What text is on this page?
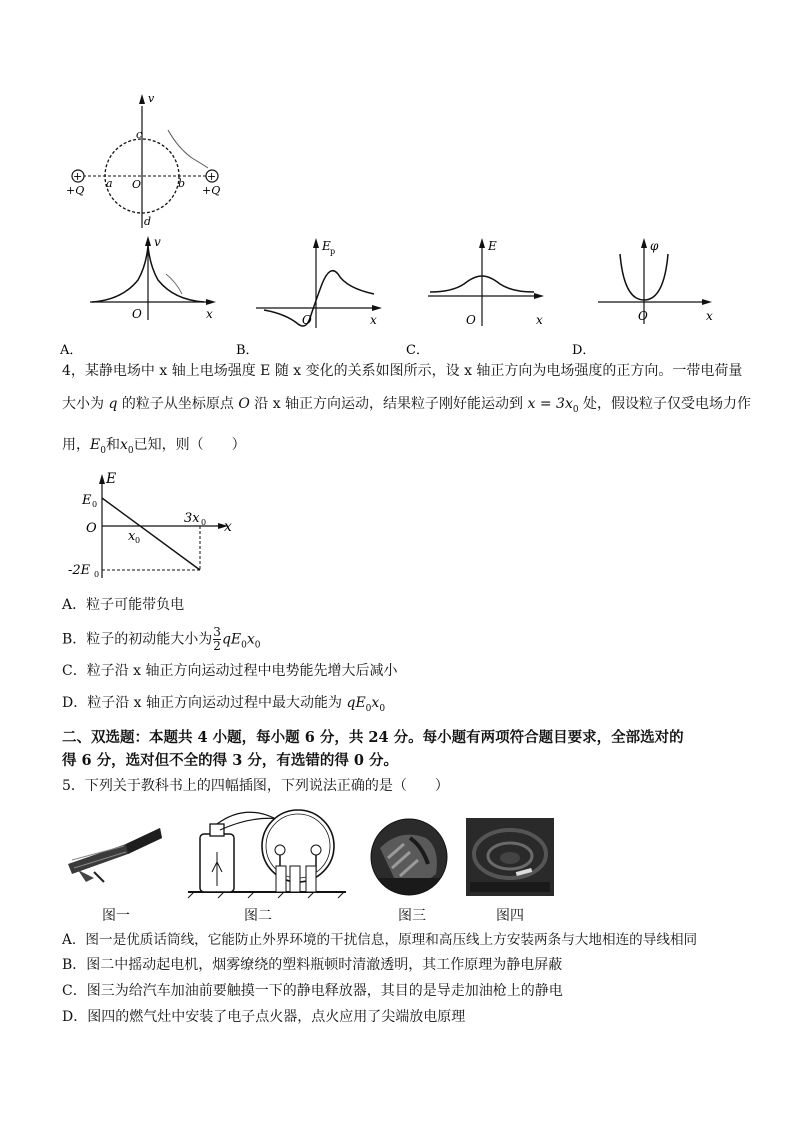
+	+
v
c
a O	b
d
+Q	+Q
v
x
O
A．
E p
x
O
B．
E
x
O
C．
φ
x
O
D．
4，某静电场中 x 轴上电场强度 E 随 x 变化的关系如图所示，设 x 轴正方向为电场强度的正方向。一带电荷量
大小为 q 的粒子从坐标原点 O 沿 x 轴正方向运动，结果粒子刚好能运动到 $x = 3x_0$ 处，假设粒子仅受电场力作
用，$E_0$和$x_0$已知，则（　　）
E
x
E 0
O
x 0
3x 0
-2E 0
A．粒子可能带负电
B．粒子的初动能大小为 $\frac{3}{2} qE_0x_0$
C．粒子沿 x 轴正方向运动过程中电势能先增大后减小
D．粒子沿 x 轴正方向运动过程中最大动能为 $qE_0x_0$
二、双选题：本题共 4 小题，每小题 6 分，共 24 分。每小题有两项符合题目要求，全部选对的
得 6 分，选对但不全的得 3 分，有选错的得 0 分。
5．下列关于教科书上的四幅插图，下列说法正确的是（　　）
图一	图二	图三	图四
A．图一是优质话筒线，它能防止外界环境的干扰信息，原理和高压线上方安装两条与大地相连的导线相同
B．图二中摇动起电机，烟雾缭绕的塑料瓶顿时清澈透明，其工作原理为静电屏蔽
C．图三为给汽车加油前要触摸一下的静电释放器，其目的是导走加油枪上的静电
D．图四的燃气灶中安装了电子点火器，点火应用了尖端放电原理
